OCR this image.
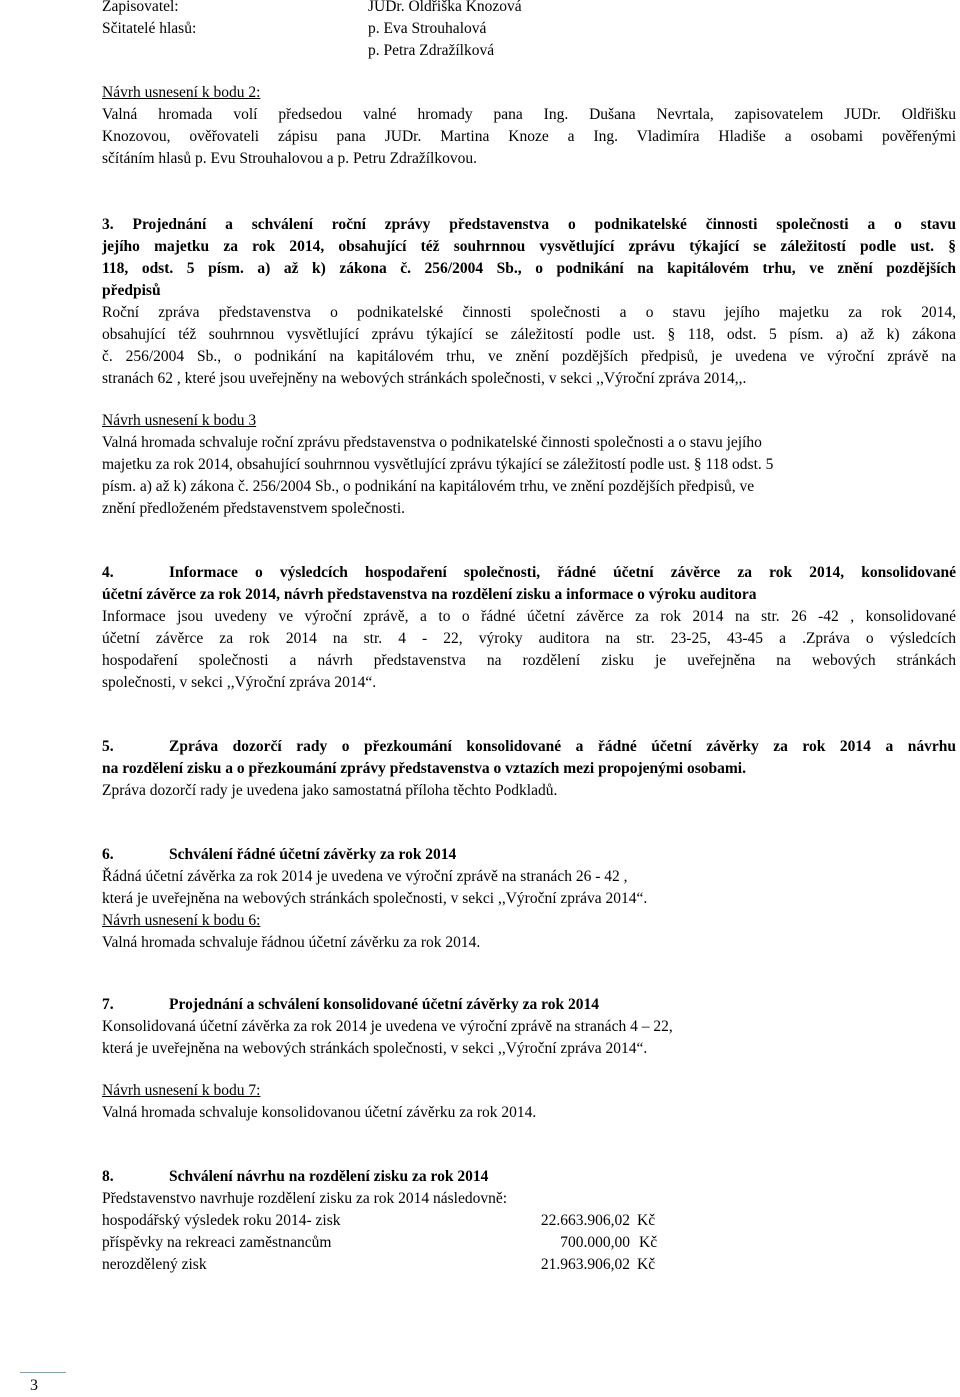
Zapisovatel:	JUDr. Oldřiška Knozová
Sčitatelé hlasů:	p. Eva Strouhalová
p. Petra Zdražílková
Návrh usnesení k bodu 2:
Valná hromada volí předsedou valné hromady pana Ing. Dušana Nevrtala, zapisovatelem JUDr. Oldřišku
Knozovou, ověřovateli zápisu pana JUDr. Martina Knoze a Ing. Vladimíra Hladiše a osobami pověřenými
sčítáním hlasů p. Evu Strouhalovou a p. Petru Zdražílkovou.
3. Projednání a schválení roční zprávy představenstva o podnikatelské činnosti společnosti a o stavu
jejího majetku za rok 2014, obsahující též souhrnnou vysvětlující zprávu týkající se záležitostí podle ust. §
118, odst. 5 písm. a) až k) zákona č. 256/2004 Sb., o podnikání na kapitálovém trhu, ve znění pozdějších
předpisů
Roční zpráva představenstva o podnikatelské činnosti společnosti a o stavu jejího majetku za rok 2014,
obsahující též souhrnnou vysvětlující zprávu týkající se záležitostí podle ust. § 118, odst. 5 písm. a) až k) zákona
č. 256/2004 Sb., o podnikání na kapitálovém trhu, ve znění pozdějších předpisů, je uvedena ve výroční zprávě na
stranách 62 , které jsou uveřejněny na webových stránkách společnosti, v sekci ,,Výroční zpráva 2014,,.
Návrh usnesení k bodu 3
Valná hromada schvaluje roční zprávu představenstva o podnikatelské činnosti společnosti a o stavu jejího
majetku za rok 2014, obsahující souhrnnou vysvětlující zprávu týkající se záležitostí podle ust. § 118 odst. 5
písm. a) až k) zákona č. 256/2004 Sb., o podnikání na kapitálovém trhu, ve znění pozdějších předpisů, ve
znění předloženém představenstvem společnosti.
4.	Informace o výsledcích hospodaření společnosti, řádné účetní závěrce za rok 2014, konsolidované
účetní závěrce za rok 2014, návrh představenstva na rozdělení zisku a informace o výroku auditora
Informace jsou uvedeny ve výroční zprávě, a to o řádné účetní závěrce za rok 2014 na str. 26 -42 , konsolidované
účetní závěrce za rok 2014 na str. 4 - 22, výroky auditora na str. 23-25, 43-45 a .Zpráva o výsledcích
hospodaření společnosti a návrh představenstva na rozdělení zisku je uveřejněna na webových stránkách
společnosti, v sekci ,,Výroční zpráva 2014“.
5.	Zpráva dozorčí rady o přezkoumání konsolidované a řádné účetní závěrky za rok 2014 a návrhu
na rozdělení zisku a o přezkoumání zprávy představenstva o vztazích mezi propojenými osobami.
Zpráva dozorčí rady je uvedena jako samostatná příloha těchto Podkladů.
6.	Schválení řádné účetní závěrky za rok 2014
Řádná účetní závěrka za rok 2014 je uvedena ve výroční zprávě na stranách 26 - 42 ,
která je uveřejněna na webových stránkách společnosti, v sekci ,,Výroční zpráva 2014“.
Návrh usnesení k bodu 6:
Valná hromada schvaluje řádnou účetní závěrku za rok 2014.
7.	Projednání a schválení konsolidované účetní závěrky za rok 2014
Konsolidovaná účetní závěrka za rok 2014 je uvedena ve výroční zprávě na stranách 4 – 22,
která je uveřejněna na webových stránkách společnosti, v sekci ,,Výroční zpráva 2014“.
Návrh usnesení k bodu 7:
Valná hromada schvaluje konsolidovanou účetní závěrku za rok 2014.
8.	Schválení návrhu na rozdělení zisku za rok 2014
Představenstvo navrhuje rozdělení zisku za rok 2014 následovně:
hospodářský výsledek roku 2014- zisk	22.663.906,02 Kč
příspěvky na rekreaci zaměstnancům	700.000,00 Kč
nerozdělený zisk	21.963.906,02 Kč
3
